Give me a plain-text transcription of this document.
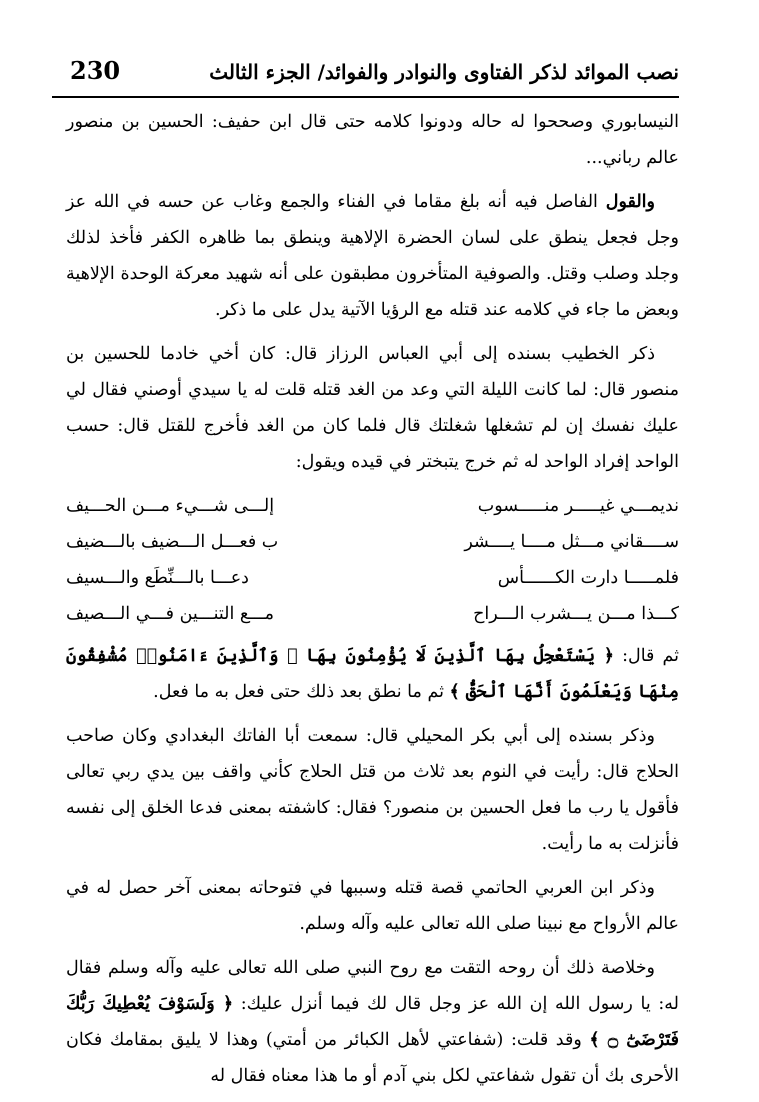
230	نصب الموائد لذكر الفتاوى والنوادر والفوائد/ الجزء الثالث

النيسابوري وصححوا له حاله ودونوا كلامه حتى قال ابن حفيف: الحسين بن منصور عالم رباني...

والقول الفاصل فيه أنه بلغ مقاما في الفناء والجمع وغاب عن حسه في الله عز وجل فجعل ينطق على لسان الحضرة الإلاهية وينطق بما ظاهره الكفر فأخذ لذلك وجلد وصلب وقتل. والصوفية المتأخرون مطبقون على أنه شهيد معركة الوحدة الإلاهية وبعض ما جاء في كلامه عند قتله مع الرؤيا الآتية يدل على ما ذكر.

ذكر الخطيب بسنده إلى أبي العباس الرزاز قال: كان أخي خادما للحسين بن منصور قال: لما كانت الليلة التي وعد من الغد قتله قلت له يا سيدي أوصني فقال لي عليك نفسك إن لم تشغلها شغلتك قال فلما كان من الغد فأخرج للقتل قال: حسب الواحد إفراد الواحد له ثم خرج يتبختر في قيده ويقول:

نديمـــي غيـــــر منـــــسوب
إلـــى شـــيء مـــن الحـــيف
ســــقاني مـــثل مــــا يــــشر
ب فعـــل الـــضيف بالـــضيف
فلمـــــا دارت الكــــــأس
دعـــا بالـــنِّطَع والـــسيف
كـــذا مـــن يـــشرب الـــراح
مـــع التنـــين فـــي الـــصيف

ثم قال: ﴿ يَسْتَعْجِلُ بِهَا ٱلَّذِينَ لَا يُؤْمِنُونَ بِهَا ۖ وَٱلَّذِينَ ءَامَنُوا۟ مُشْفِقُونَ مِنْهَا وَيَعْلَمُونَ أَنَّهَا ٱلْحَقُّ ﴾ ثم ما نطق بعد ذلك حتى فعل به ما فعل.

وذكر بسنده إلى أبي بكر المحيلي قال: سمعت أبا الفاتك البغدادي وكان صاحب الحلاج قال: رأيت في النوم بعد ثلاث من قتل الحلاج كأني واقف بين يدي ربي تعالى فأقول يا رب ما فعل الحسين بن منصور؟ فقال: كاشفته بمعنى فدعا الخلق إلى نفسه فأنزلت به ما رأيت.

وذكر ابن العربي الحاتمي قصة قتله وسببها في فتوحاته بمعنى آخر حصل له في عالم الأرواح مع نبينا صلى الله تعالى عليه وآله وسلم.

وخلاصة ذلك أن روحه التقت مع روح النبي صلى الله تعالى عليه وآله وسلم فقال له: يا رسول الله إن الله عز وجل قال لك فيما أنزل عليك: ﴿ وَلَسَوْفَ يُعْطِيكَ رَبُّكَ فَتَرْضَىٰٓ ۝ ﴾ وقد قلت: (شفاعتي لأهل الكبائر من أمتي) وهذا لا يليق بمقامك فكان الأحرى بك أن تقول شفاعتي لكل بني آدم أو ما هذا معناه فقال له
